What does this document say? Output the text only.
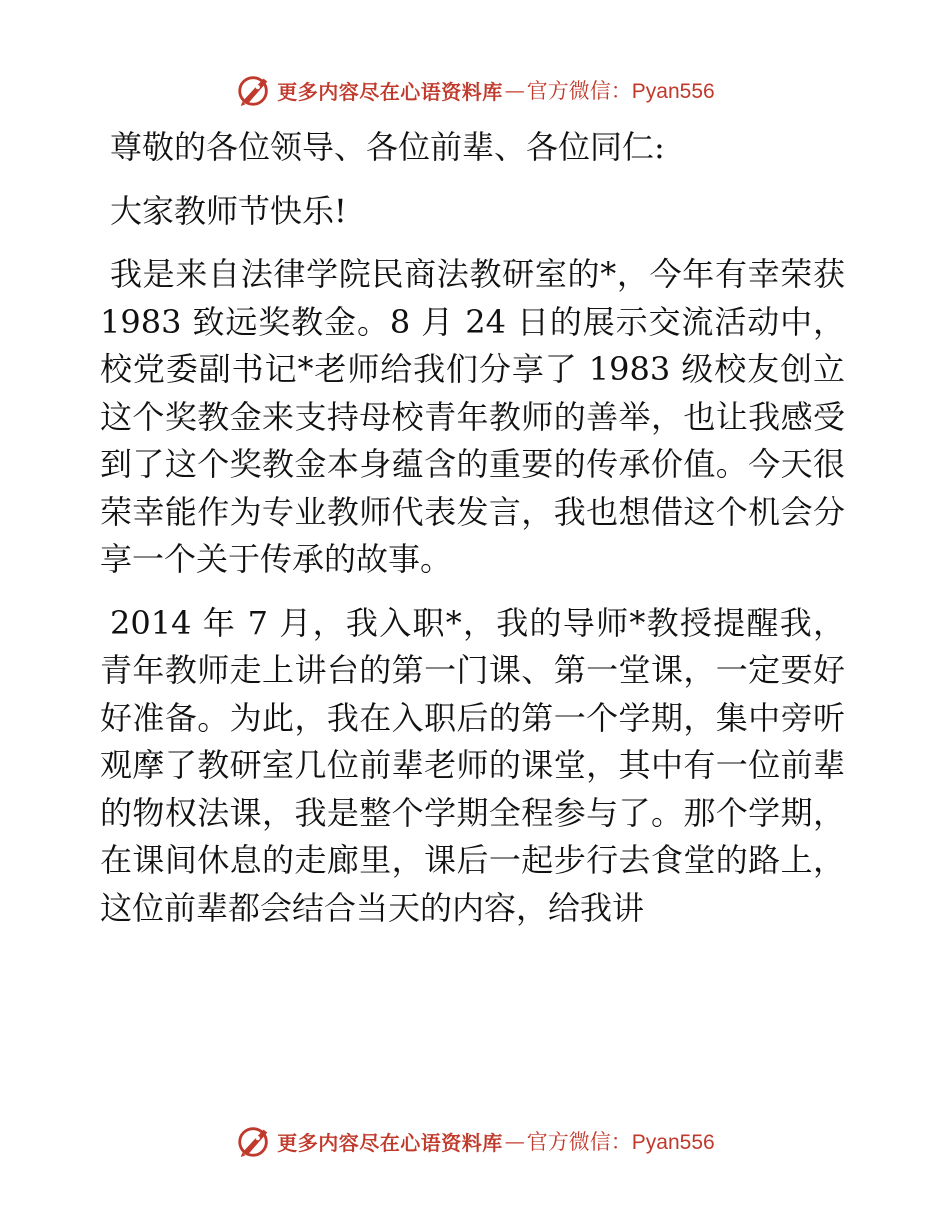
更多内容尽在心语资料库 — 官方微信：Pyan556

尊敬的各位领导、各位前辈、各位同仁:

大家教师节快乐!

我是来自法律学院民商法教研室的*，今年有幸荣获 1983 致远奖教金。8 月 24 日的展示交流活动中，校党委副书记*老师给我们分享了 1983 级校友创立这个奖教金来支持母校青年教师的善举，也让我感受到了这个奖教金本身蕴含的重要的传承价值。今天很荣幸能作为专业教师代表发言，我也想借这个机会分享一个关于传承的故事。

2014 年 7 月，我入职*，我的导师*教授提醒我，青年教师走上讲台的第一门课、第一堂课，一定要好好准备。为此，我在入职后的第一个学期，集中旁听观摩了教研室几位前辈老师的课堂，其中有一位前辈的物权法课，我是整个学期全程参与了。那个学期，在课间休息的走廊里，课后一起步行去食堂的路上，这位前辈都会结合当天的内容，给我讲

更多内容尽在心语资料库 — 官方微信：Pyan556
